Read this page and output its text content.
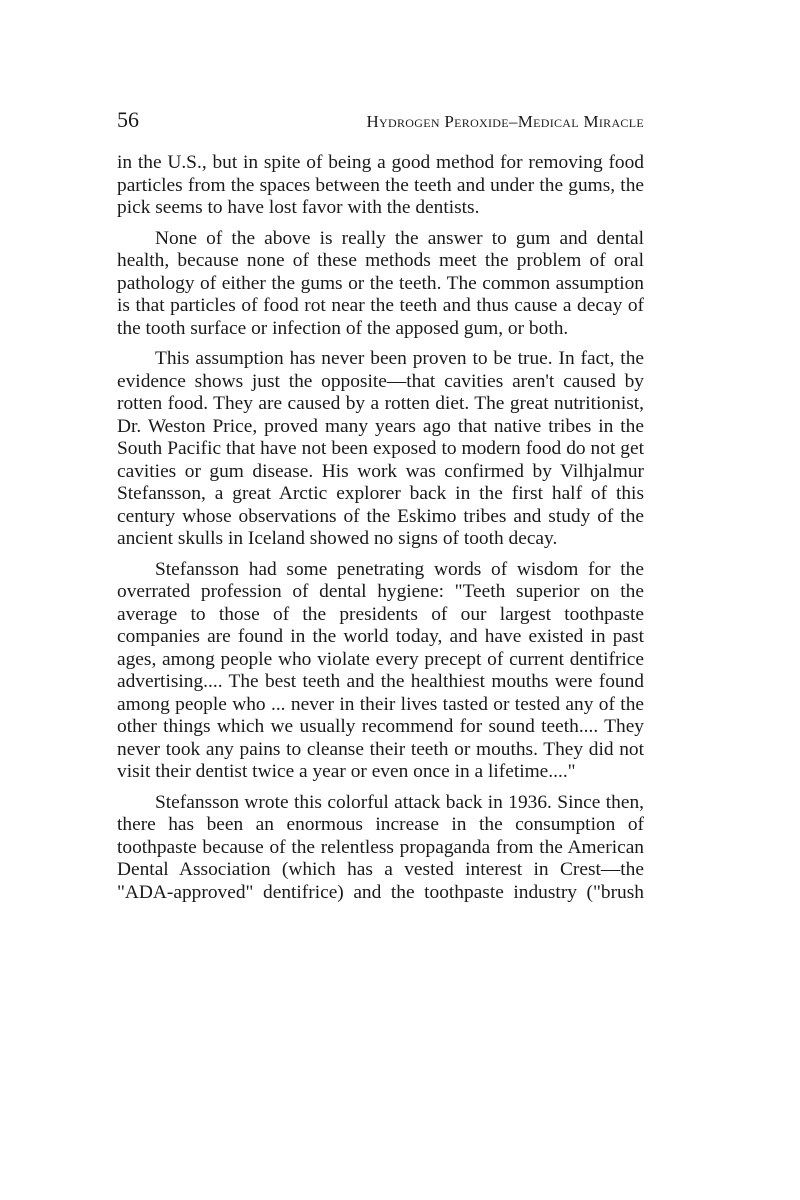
56	Hydrogen Peroxide–Medical Miracle

in the U.S., but in spite of being a good method for removing food particles from the spaces between the teeth and under the gums, the pick seems to have lost favor with the dentists.

None of the above is really the answer to gum and dental health, because none of these methods meet the problem of oral pathology of either the gums or the teeth. The common assumption is that particles of food rot near the teeth and thus cause a decay of the tooth surface or infection of the apposed gum, or both.

This assumption has never been proven to be true. In fact, the evidence shows just the opposite—that cavities aren't caused by rotten food. They are caused by a rotten diet. The great nutritionist, Dr. Weston Price, proved many years ago that native tribes in the South Pacific that have not been exposed to modern food do not get cavities or gum disease. His work was confirmed by Vilhjalmur Stefansson, a great Arctic explorer back in the first half of this century whose observations of the Eskimo tribes and study of the ancient skulls in Iceland showed no signs of tooth decay.

Stefansson had some penetrating words of wisdom for the overrated profession of dental hygiene: "Teeth superior on the average to those of the presidents of our largest toothpaste companies are found in the world today, and have existed in past ages, among people who violate every precept of current dentifrice advertising.... The best teeth and the healthiest mouths were found among people who ... never in their lives tasted or tested any of the other things which we usually recommend for sound teeth.... They never took any pains to cleanse their teeth or mouths. They did not visit their dentist twice a year or even once in a lifetime...."

Stefansson wrote this colorful attack back in 1936. Since then, there has been an enormous increase in the consumption of toothpaste because of the relentless propaganda from the American Dental Association (which has a vested interest in Crest—the "ADA-approved" dentifrice) and the toothpaste industry ("brush
